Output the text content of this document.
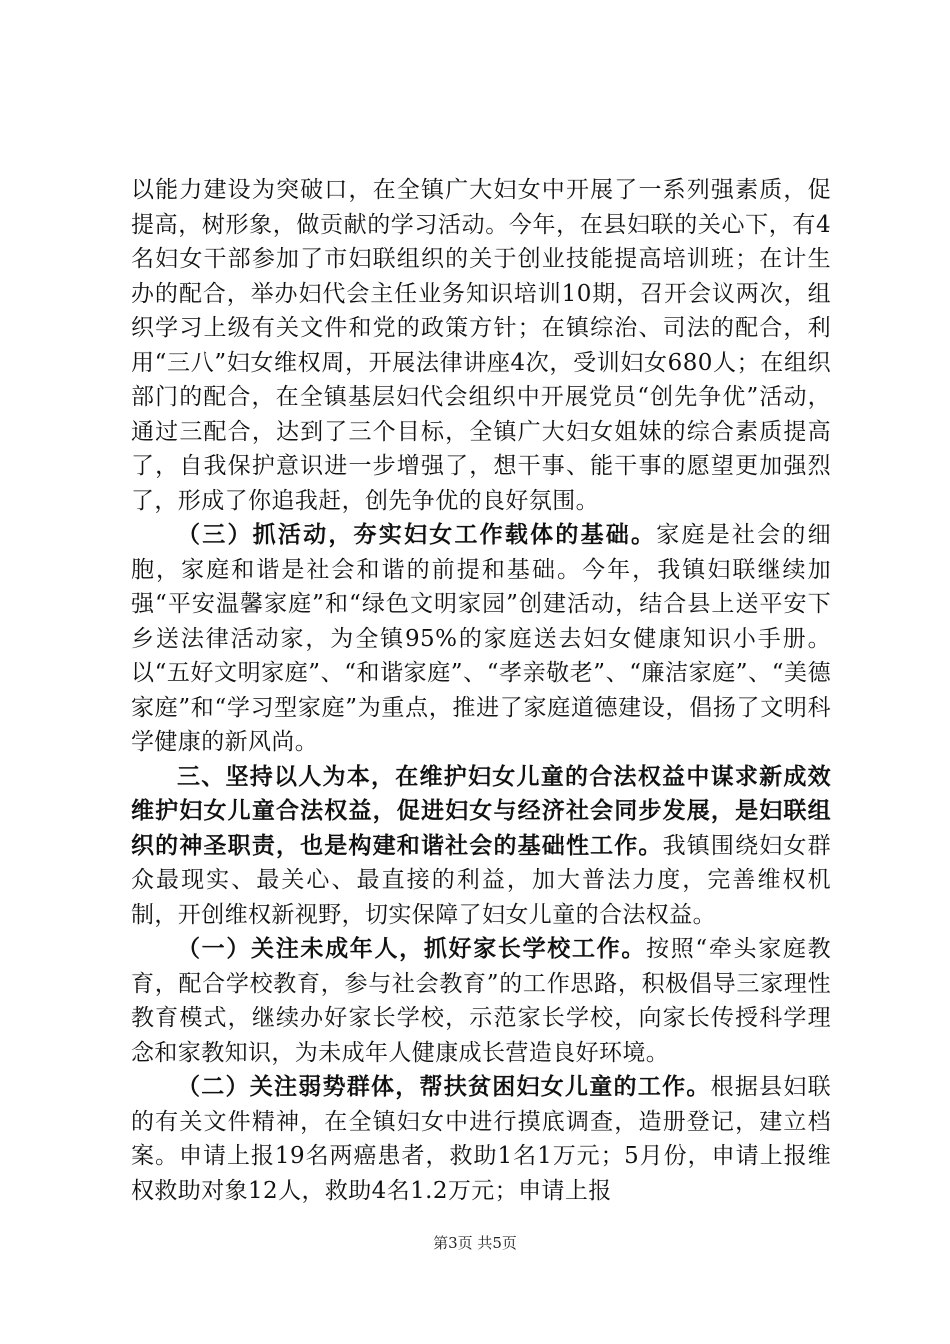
以能力建设为突破口，在全镇广大妇女中开展了一系列强素质，促提高，树形象，做贡献的学习活动。今年，在县妇联的关心下，有4名妇女干部参加了市妇联组织的关于创业技能提高培训班；在计生办的配合，举办妇代会主任业务知识培训10期，召开会议两次，组织学习上级有关文件和党的政策方针；在镇综治、司法的配合，利用“三八”妇女维权周，开展法律讲座4次，受训妇女680人；在组织部门的配合，在全镇基层妇代会组织中开展党员“创先争优”活动，通过三配合，达到了三个目标，全镇广大妇女姐妹的综合素质提高了，自我保护意识进一步增强了，想干事、能干事的愿望更加强烈了，形成了你追我赶，创先争优的良好氛围。

（三）抓活动，夯实妇女工作载体的基础。家庭是社会的细胞，家庭和谐是社会和谐的前提和基础。今年，我镇妇联继续加强“平安温馨家庭”和“绿色文明家园”创建活动，结合县上送平安下乡送法律活动家，为全镇95%的家庭送去妇女健康知识小手册。以“五好文明家庭”、“和谐家庭”、“孝亲敬老”、“廉洁家庭”、“美德家庭”和“学习型家庭”为重点，推进了家庭道德建设，倡扬了文明科学健康的新风尚。

三、坚持以人为本，在维护妇女儿童的合法权益中谋求新成效维护妇女儿童合法权益，促进妇女与经济社会同步发展，是妇联组织的神圣职责，也是构建和谐社会的基础性工作。我镇围绕妇女群众最现实、最关心、最直接的利益，加大普法力度，完善维权机制，开创维权新视野，切实保障了妇女儿童的合法权益。

（一）关注未成年人，抓好家长学校工作。按照“牵头家庭教育，配合学校教育，参与社会教育”的工作思路，积极倡导三家理性教育模式，继续办好家长学校，示范家长学校，向家长传授科学理念和家教知识，为未成年人健康成长营造良好环境。

（二）关注弱势群体，帮扶贫困妇女儿童的工作。根据县妇联的有关文件精神，在全镇妇女中进行摸底调查，造册登记，建立档案。申请上报19名两癌患者，救助1名1万元；5月份，申请上报维权救助对象12人，救助4名1.2万元；申请上报

第3页 共5页
